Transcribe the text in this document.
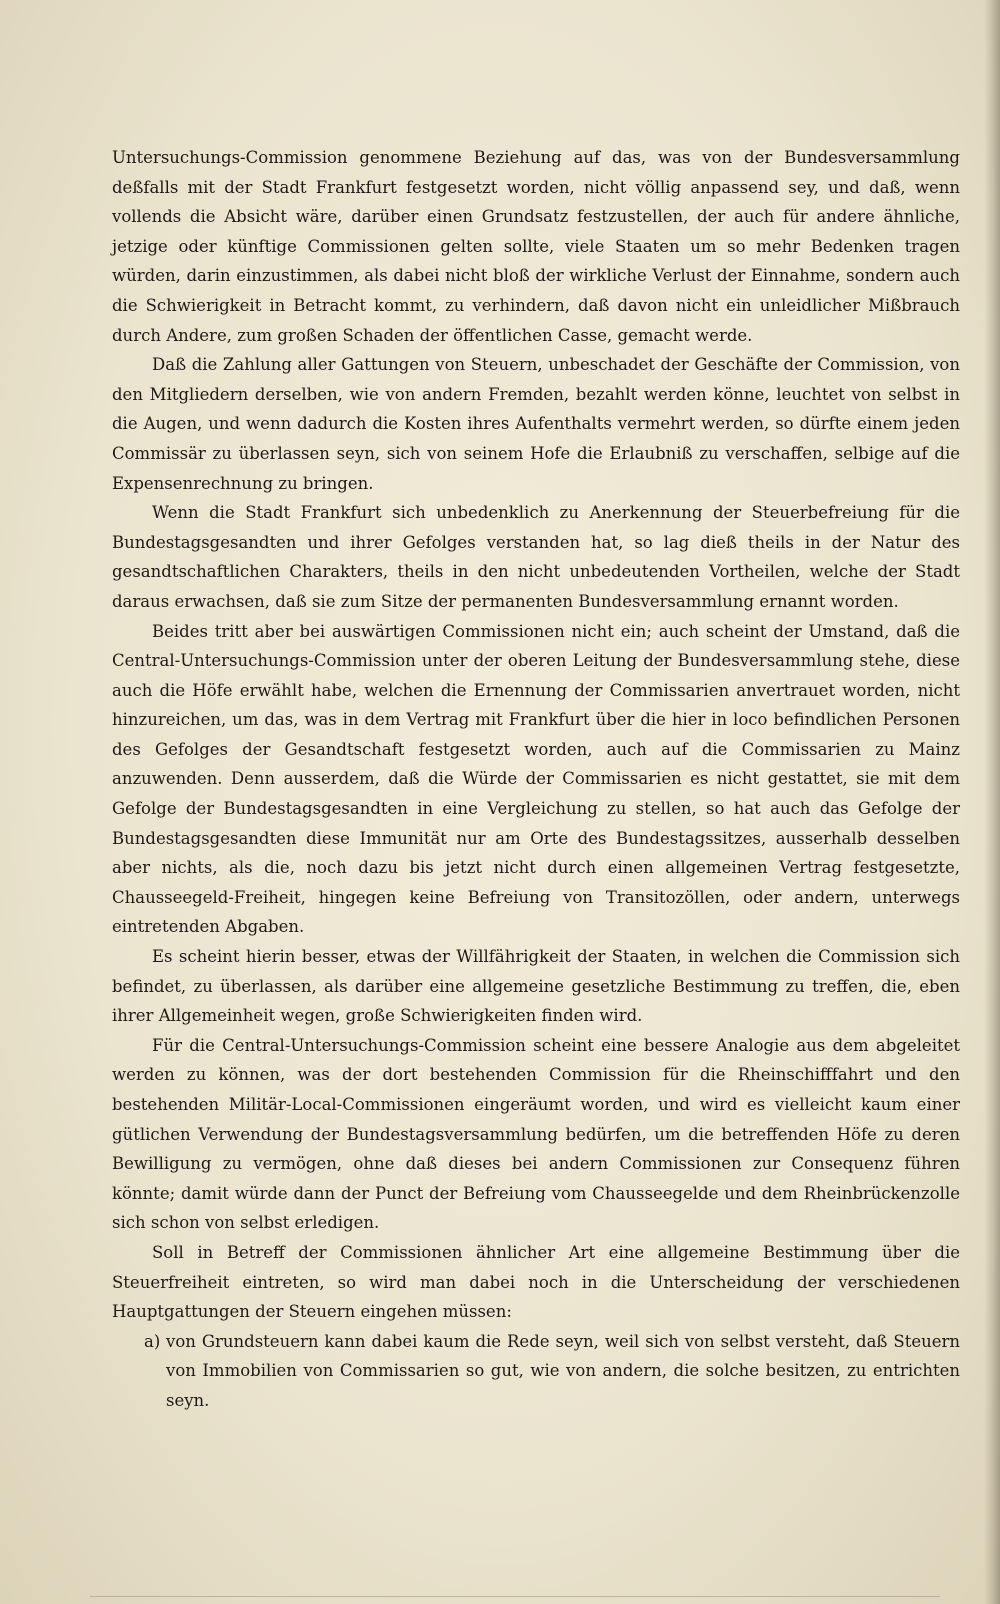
Untersuchungs-Commission genommene Beziehung auf das, was von der Bundesversammlung deßfalls mit der Stadt Frankfurt festgesetzt worden, nicht völlig anpassend sey, und daß, wenn vollends die Absicht wäre, darüber einen Grundsatz festzustellen, der auch für andere ähnliche, jetzige oder künftige Commissionen gelten sollte, viele Staaten um so mehr Bedenken tragen würden, darin einzustimmen, als dabei nicht bloß der wirkliche Verlust der Einnahme, sondern auch die Schwierigkeit in Betracht kommt, zu verhindern, daß davon nicht ein unleidlicher Mißbrauch durch Andere, zum großen Schaden der öffentlichen Casse, gemacht werde.

Daß die Zahlung aller Gattungen von Steuern, unbeschadet der Geschäfte der Commission, von den Mitgliedern derselben, wie von andern Fremden, bezahlt werden könne, leuchtet von selbst in die Augen, und wenn dadurch die Kosten ihres Aufenthalts vermehrt werden, so dürfte einem jeden Commissär zu überlassen seyn, sich von seinem Hofe die Erlaubniß zu verschaffen, selbige auf die Expensenrechnung zu bringen.

Wenn die Stadt Frankfurt sich unbedenklich zu Anerkennung der Steuerbefreiung für die Bundestagsgesandten und ihrer Gefolges verstanden hat, so lag dieß theils in der Natur des gesandtschaftlichen Charakters, theils in den nicht unbedeutenden Vortheilen, welche der Stadt daraus erwachsen, daß sie zum Sitze der permanenten Bundesversammlung ernannt worden.

Beides tritt aber bei auswärtigen Commissionen nicht ein; auch scheint der Umstand, daß die Central-Untersuchungs-Commission unter der oberen Leitung der Bundesversammlung stehe, diese auch die Höfe erwählt habe, welchen die Ernennung der Commissarien anvertrauet worden, nicht hinzureichen, um das, was in dem Vertrag mit Frankfurt über die hier in loco befindlichen Personen des Gefolges der Gesandtschaft festgesetzt worden, auch auf die Commissarien zu Mainz anzuwenden. Denn ausserdem, daß die Würde der Commissarien es nicht gestattet, sie mit dem Gefolge der Bundestagsgesandten in eine Vergleichung zu stellen, so hat auch das Gefolge der Bundestagsgesandten diese Immunität nur am Orte des Bundestagssitzes, ausserhalb desselben aber nichts, als die, noch dazu bis jetzt nicht durch einen allgemeinen Vertrag festgesetzte, Chausseegeld-Freiheit, hingegen keine Befreiung von Transitozöllen, oder andern, unterwegs eintretenden Abgaben.

Es scheint hierin besser, etwas der Willfährigkeit der Staaten, in welchen die Commission sich befindet, zu überlassen, als darüber eine allgemeine gesetzliche Bestimmung zu treffen, die, eben ihrer Allgemeinheit wegen, große Schwierigkeiten finden wird.

Für die Central-Untersuchungs-Commission scheint eine bessere Analogie aus dem abgeleitet werden zu können, was der dort bestehenden Commission für die Rheinschifffahrt und den bestehenden Militär-Local-Commissionen eingeräumt worden, und wird es vielleicht kaum einer gütlichen Verwendung der Bundestagsversammlung bedürfen, um die betreffenden Höfe zu deren Bewilligung zu vermögen, ohne daß dieses bei andern Commissionen zur Consequenz führen könnte; damit würde dann der Punct der Befreiung vom Chausseegelde und dem Rheinbrückenzolle sich schon von selbst erledigen.

Soll in Betreff der Commissionen ähnlicher Art eine allgemeine Bestimmung über die Steuerfreiheit eintreten, so wird man dabei noch in die Unterscheidung der verschiedenen Hauptgattungen der Steuern eingehen müssen:

a) von Grundsteuern kann dabei kaum die Rede seyn, weil sich von selbst versteht, daß Steuern von Immobilien von Commissarien so gut, wie von andern, die solche besitzen, zu entrichten seyn.
